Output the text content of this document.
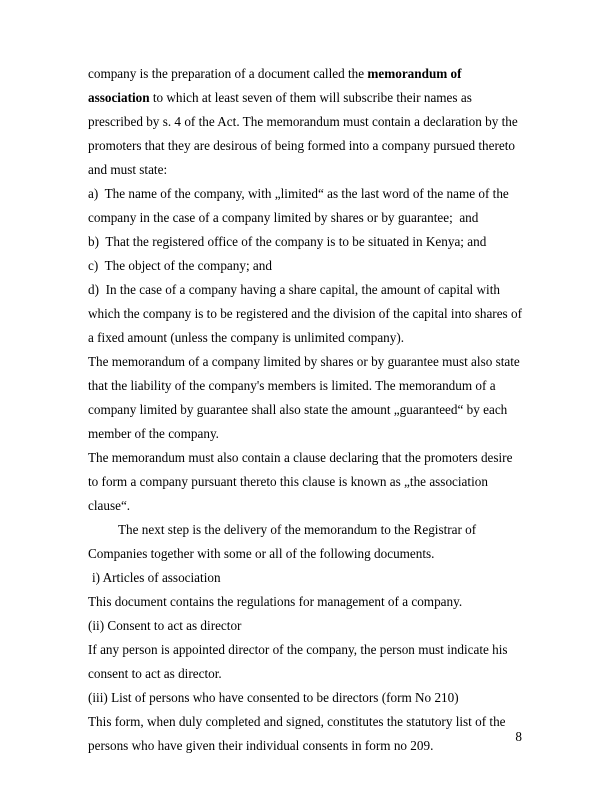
company is the preparation of a document called the memorandum of association to which at least seven of them will subscribe their names as prescribed by s. 4 of the Act. The memorandum must contain a declaration by the promoters that they are desirous of being formed into a company pursued thereto and must state:

a)  The name of the company, with „limited“ as the last word of the name of the company in the case of a company limited by shares or by guarantee;  and

b)  That the registered office of the company is to be situated in Kenya; and

c)  The object of the company; and

d)  In the case of a company having a share capital, the amount of capital with which the company is to be registered and the division of the capital into shares of a fixed amount (unless the company is unlimited company).

The memorandum of a company limited by shares or by guarantee must also state that the liability of the company's members is limited. The memorandum of a company limited by guarantee shall also state the amount „guaranteed“ by each member of the company.

The memorandum must also contain a clause declaring that the promoters desire to form a company pursuant thereto this clause is known as „the association clause“.

The next step is the delivery of the memorandum to the Registrar of Companies together with some or all of the following documents.

i) Articles of association

This document contains the regulations for management of a company.

(ii) Consent to act as director

If any person is appointed director of the company, the person must indicate his consent to act as director.

(iii) List of persons who have consented to be directors (form No 210)

This form, when duly completed and signed, constitutes the statutory list of the persons who have given their individual consents in form no 209.

8
